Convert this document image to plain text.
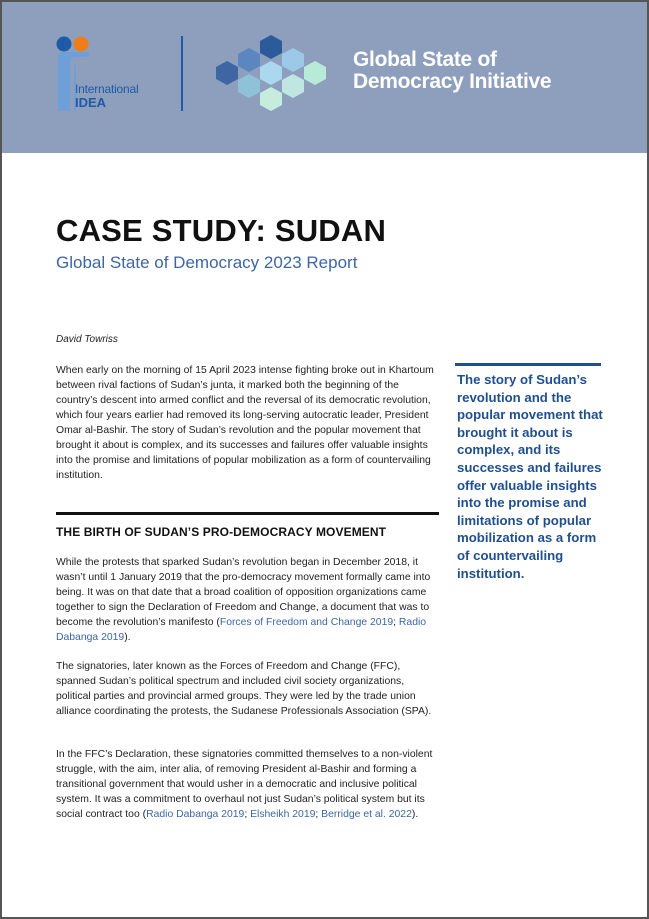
International
IDEA
Global State of
Democracy Initiative
CASE STUDY: SUDAN
Global State of Democracy 2023 Report
David Towriss

When early on the morning of 15 April 2023 intense fighting broke out in Khartoum between rival factions of Sudan’s junta, it marked both the beginning of the country’s descent into armed conflict and the reversal of its democratic revolution, which four years earlier had removed its long-serving autocratic leader, President Omar al-Bashir. The story of Sudan’s revolution and the popular movement that brought it about is complex, and its successes and failures offer valuable insights into the promise and limitations of popular mobilization as a form of countervailing institution.

THE BIRTH OF SUDAN’S PRO-DEMOCRACY MOVEMENT

While the protests that sparked Sudan’s revolution began in December 2018, it wasn’t until 1 January 2019 that the pro-democracy movement formally came into being. It was on that date that a broad coalition of opposition organizations came together to sign the Declaration of Freedom and Change, a document that was to become the revolution’s manifesto (Forces of Freedom and Change 2019; Radio Dabanga 2019).

The signatories, later known as the Forces of Freedom and Change (FFC), spanned Sudan’s political spectrum and included civil society organizations, political parties and provincial armed groups. They were led by the trade union alliance coordinating the protests, the Sudanese Professionals Association (SPA).

In the FFC’s Declaration, these signatories committed themselves to a non-violent struggle, with the aim, inter alia, of removing President al-Bashir and forming a transitional government that would usher in a democratic and inclusive political system. It was a commitment to overhaul not just Sudan’s political system but its social contract too (Radio Dabanga 2019; Elsheikh 2019; Berridge et al. 2022).

The story of Sudan’s revolution and the popular movement that brought it about is complex, and its successes and failures offer valuable insights into the promise and limitations of popular mobilization as a form of countervailing institution.
